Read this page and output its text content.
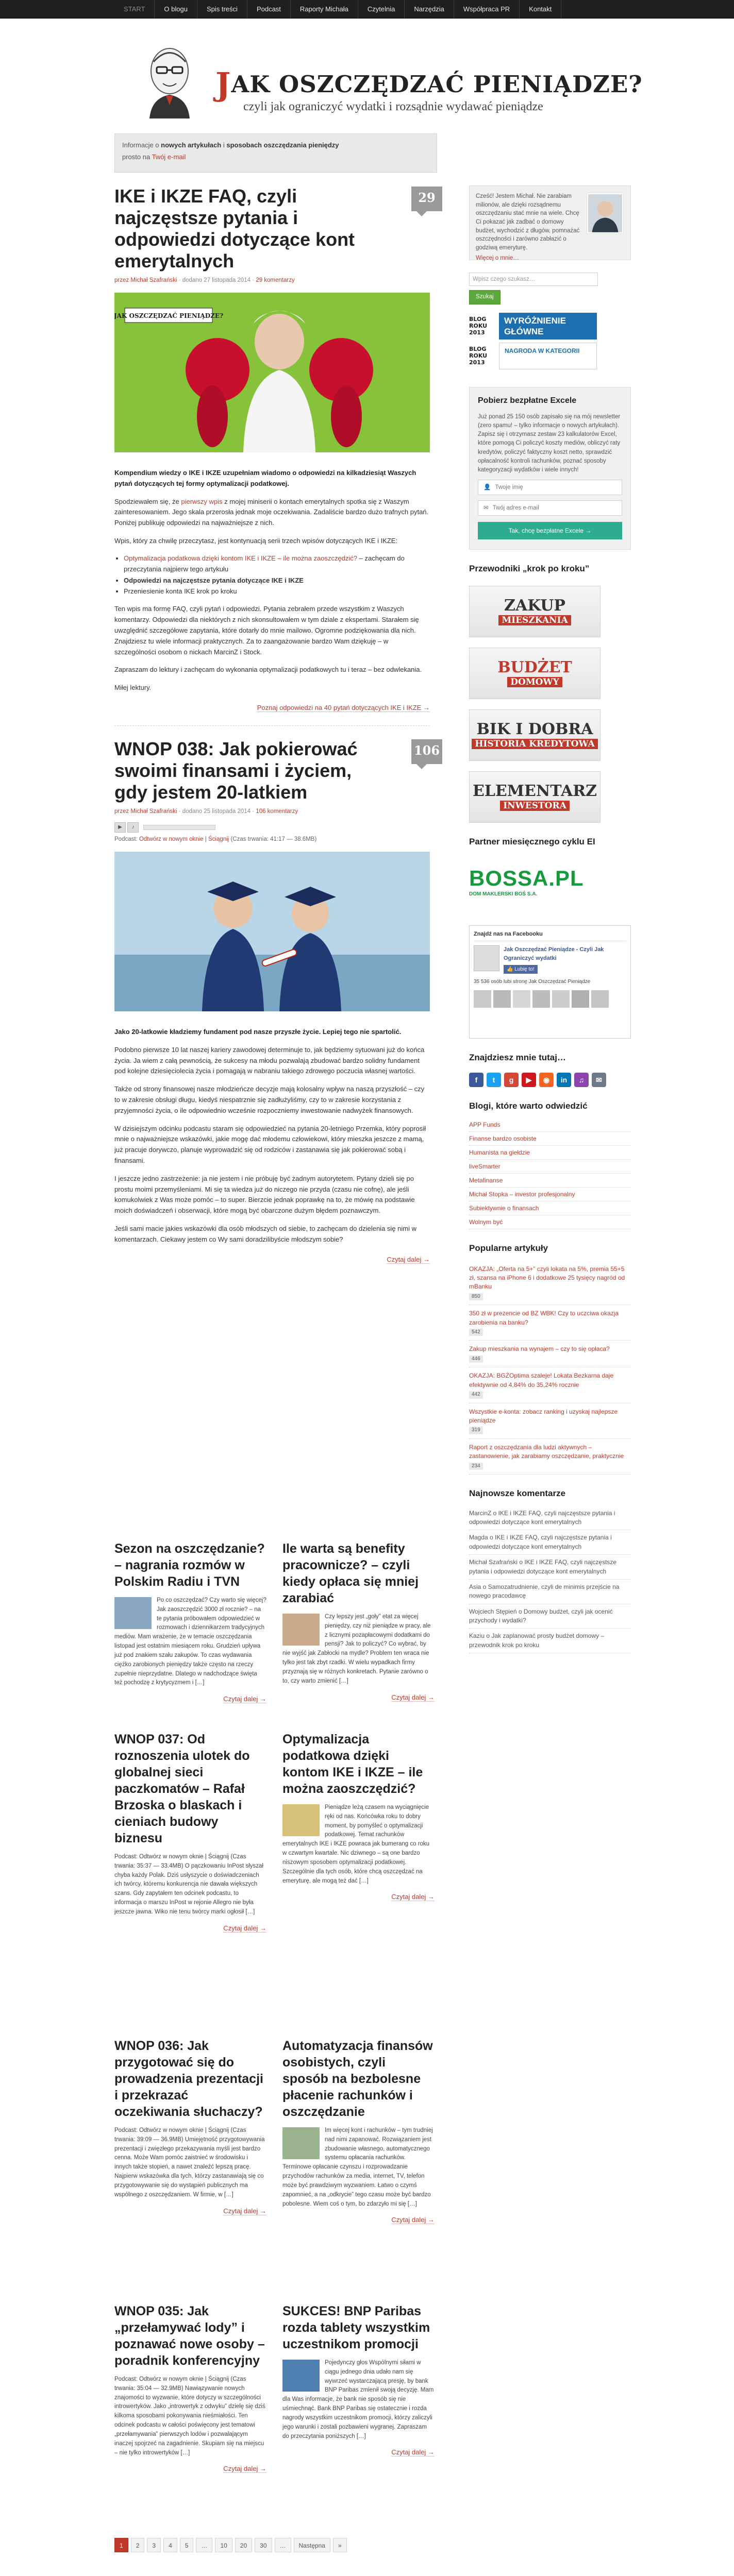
START	O blogu	Spis treści	Podcast	Raporty Michała	Czytelnia	Narzędzia	Współpraca PR	Kontakt
JAK OSZCZĘDZAĆ PIENIĄDZE?
czyli jak ograniczyć wydatki i rozsądnie wydawać pieniądze
Informacje o nowych artykułach i sposobach oszczędzania pieniędzy
prosto na Twój e-mail
29
IKE i IKZE FAQ, czyli najczęstsze pytania i odpowiedzi dotyczące kont emerytalnych
przez Michał Szafrański · dodano 27 listopada 2014 · 29 komentarzy
JAK OSZCZĘDZAĆ PIENIĄDZE?

Kompendium wiedzy o IKE i IKZE uzupełniam wiadomo o odpowiedzi na kilkadziesiąt Waszych pytań dotyczących tej formy optymalizacji podatkowej.

Spodziewałem się, że pierwszy wpis z mojej miniserii o kontach emerytalnych spotka się z Waszym zainteresowaniem. Jego skala przerosła jednak moje oczekiwania. Zadaliście bardzo dużo trafnych pytań. Poniżej publikuję odpowiedzi na najważniejsze z nich.

Wpis, który za chwilę przeczytasz, jest kontynuacją serii trzech wpisów dotyczących IKE i IKZE:

• Optymalizacja podatkowa dzięki kontom IKE i IKZE – ile można zaoszczędzić? – zachęcam do przeczytania najpierw tego artykułu
• Odpowiedzi na najczęstsze pytania dotyczące IKE i IKZE
• Przeniesienie konta IKE krok po kroku

Ten wpis ma formę FAQ, czyli pytań i odpowiedzi. Pytania zebrałem przede wszystkim z Waszych komentarzy. Odpowiedzi dla niektórych z nich skonsultowałem w tym dziale z ekspertami. Starałem się uwzględnić szczegółowe zapytania, które dotarły do mnie mailowo. Ogromne podziękowania dla nich. Znajdziesz tu wiele informacji praktycznych. Za to zaangażowanie bardzo Wam dziękuję – w szczególności osobom o nickach MarcinZ i Stock.

Zapraszam do lektury i zachęcam do wykonania optymalizacji podatkowych tu i teraz – bez odwlekania.

Miłej lektury.

Poznaj odpowiedzi na 40 pytań dotyczących IKE i IKZE →
106
WNOP 038: Jak pokierować swoimi finansami i życiem, gdy jestem 20-latkiem
przez Michał Szafrański · dodano 25 listopada 2014 · 106 komentarzy
▶	♪
Podcast: Odtwórz w nowym oknie | Ściągnij (Czas trwania: 41:17 — 38.6MB)

Jako 20-latkowie kładziemy fundament pod nasze przyszłe życie. Lepiej tego nie spartolić.

Podobno pierwsze 10 lat naszej kariery zawodowej determinuje to, jak będziemy sytuowani już do końca życia. Ja wiem z całą pewnością, że sukcesy na młodu pozwalają zbudować bardzo solidny fundament pod kolejne dziesięciolecia życia i pomagają w nabraniu takiego zdrowego poczucia własnej wartości.

Także od strony finansowej nasze młodzieńcze decyzje mają kolosalny wpływ na naszą przyszłość – czy to w zakresie obsługi długu, kiedyś niespatrznie się zadłużyliśmy, czy to w zakresie korzystania z przyjemności życia, o ile odpowiednio wcześnie rozpoczniemy inwestowanie nadwyżek finansowych.

W dzisiejszym odcinku podcastu staram się odpowiedzieć na pytania 20-letniego Przemka, który poprosił mnie o najważniejsze wskazówki, jakie mogę dać młodemu człowiekowi, który mieszka jeszcze z mamą, już pracuje dorywczo, planuje wyprowadzić się od rodziców i zastanawia się jak pokierować sobą i finansami.

I jeszcze jedno zastrzeżenie: ja nie jestem i nie próbuję być żadnym autorytetem. Pytany dzieli się po prostu moimi przemyśleniami. Mi się ta wiedza już do niczego nie przyda (czasu nie cofnę), ale jeśli komukolwiek z Was może pomóc – to super. Bierzcie jednak poprawkę na to, że mówię na podstawie moich doświadczeń i obserwacji, które mogą być obarczone dużym błędem poznawczym.

Jeśli sami macie jakies wskazówki dla osób młodszych od siebie, to zachęcam do dzielenia się nimi w komentarzach. Ciekawy jestem co Wy sami doradzilibyście młodszym sobie?

Czytaj dalej →
Sezon na oszczędzanie? – nagrania rozmów w Polskim Radiu i TVN
Po co oszczędzać? Czy warto się więcej? Jak zaoszczędzić 3000 zł rocznie? – na te pytania próbowałem odpowiedzieć w rozmowach i dziennikarzem tradycyjnych mediów. Mam wrażenie, że w temacie oszczędzania listopad jest ostatnim miesiącem roku. Grudzień upływa już pod znakiem szału zakupów. To czas wydawania ciężko zarobionych pieniędzy także często na rzeczy zupełnie nieprzydatne. Dlatego w nadchodzące święta też pochodzę z krytycyzmem i […]
Czytaj dalej →
Ile warta są benefity pracownicze? – czyli kiedy opłaca się mniej zarabiać
Czy lepszy jest „goły” etat za więcej pieniędzy, czy niż pieniądze w pracy, ale z licznymi pozapłacowymi dodatkami do pensji? Jak to policzyć? Co wybrać, by nie wyjść jak Zabłocki na mydle? Problem ten wraca nie tylko jest tak zbyt rzadki. W wielu wypadkach firmy przyznają się w różnych konkretach. Pytanie zarówno o to, czy warto zmienić […]
Czytaj dalej →
WNOP 037: Od roznoszenia ulotek do globalnej sieci paczkomatów – Rafał Brzoska o blaskach i cieniach budowy biznesu
Podcast: Odtwórz w nowym oknie | Ściągnij (Czas trwania: 35:37 — 33.4MB) O pączkowaniu InPost słyszał chyba każdy Polak. Dziś usłyszycie o doświadczeniach ich twórcy, któremu konkurencja nie dawała większych szans. Gdy zapytałem ten odcinek podcastu, to informacja o marszu InPost w rejonie Allegro nie była jeszcze jawna. Wiko nie tenu twórcy marki ogłosił […]
Czytaj dalej →
Optymalizacja podatkowa dzięki kontom IKE i IKZE – ile można zaoszczędzić?
Pieniądze leżą czasem na wyciągnięcie ręki od nas. Końcówka roku to dobry moment, by pomyśleć o optymalizacji podatkowej. Temat rachunków emerytalnych IKE i IKZE powraca jak bumerang co roku w czwartym kwartale. Nic dziwnego – są one bardzo niszowym sposobem optymalizacji podatkowej. Szczególnie dla tych osób, które chcą oszczędzać na emeryturę, ale mogą też dać […]
Czytaj dalej →
WNOP 036: Jak przygotować się do prowadzenia prezentacji i przekrazać oczekiwania słuchaczy?
Podcast: Odtwórz w nowym oknie | Ściągnij (Czas trwania: 39:09 — 36.9MB) Umiejętność przygotowywania prezentacji i zwięzłego przekazywania myśli jest bardzo cenna. Może Wam pomóc zaistnieć w środowisku i innych także stopień, a nawet znaleźć lepszą pracę. Najpierw wskazówka dla tych, którzy zastanawiają się co przygotowywanie się do wystąpień publicznych ma wspólnego z oszczędzaniem. W firmie, w […]
Czytaj dalej →
Automatyzacja finansów osobistych, czyli sposób na bezbolesne płacenie rachunków i oszczędzanie
Im więcej kont i rachunków – tym trudniej nad nimi zapanować. Rozwiązaniem jest zbudowanie własnego, automatycznego systemu opłacania rachunków. Terminowe opłacanie czynszu i rozprowadzanie przychodów rachunków za media, internet, TV, telefon może być prawdziwym wyzwaniem. Łatwo o czymś zapomnieć, a na „odkrycie” tego czasu może być bardzo pobolesne. Wiem coś o tym, bo zdarzyło mi się […]
Czytaj dalej →
WNOP 035: Jak „przełamywać lody” i poznawać nowe osoby – poradnik konferencyjny
Podcast: Odtwórz w nowym oknie | Ściągnij (Czas trwania: 35:04 — 32.9MB) Nawiązywanie nowych znajomości to wyzwanie, które dotyczy w szczególności introwertyków. Jako „introwertyk z odwyku” dzielę się dziś kilkoma sposobami pokonywania nieśmiałości. Ten odcinek podcastu w całości poświęcony jest tematowi „przełamywania” pierwszych lodów i pozwalającym inaczej spojrzeć na zagadnienie. Skupiam się na miejscu – nie tylko introwertyków […]
Czytaj dalej →
SUKCES! BNP Paribas rozda tablety wszystkim uczestnikom promocji
Pojedynczy głos Wspólnymi siłami w ciągu jednego dnia udało nam się wywrzeć wystarczającą presję, by bank BNP Paribas zmienił swoją decyzję. Mam dla Was informacje, że bank nie sposób się nie uśmiechnąć. Bank BNP Paribas się ostatecznie i rozda nagrody wszystkim uczestnikom promocji, którzy zaliczyli jego warunki i zostali pozbawieni wygranej. Zapraszam do przeczytania poniższych […]
Czytaj dalej →
1	2	3	4	5	…	10	20	30	…	Następna	»

Cześć! Jestem Michał. Nie zarabiam milionów, ale dzięki rozsądnemu oszczędzaniu stać mnie na wiele. Chcę Ci pokazać jak zadbać o domowy budżet, wychodzić z długów, pomnażać oszczędności i zarówno zabłazić o godziwą emeryturę.

Więcej o mnie…
Wpisz czego szukasz…
Szukaj
BLOG ROKU 2013
WYRÓŻNIENIE GŁÓWNE
BLOG ROKU 2013
NAGRODA W KATEGORII
Pobierz bezpłatne Excele

Już ponad 25 150 osób zapisało się na mój newsletter (zero spamu! – tylko informacje o nowych artykułach). Zapisz się i otrzymasz zestaw 23 kalkulatorów Excel, które pomogą Ci policzyć koszty mediów, obliczyć raty kredytów, policzyć faktyczny koszt netto, sprawdzić opłacalność kontroli rachunków, poznać sposoby kategoryzacji wydatków i wiele innych!

👤 Twoje imię
✉ Twój adres e-mail
Tak, chcę bezpłatne Excele →
Przewodniki „krok po kroku”
ZAKUP
MIESZKANIA
BUDŻET
DOMOWY
BIK I DOBRA
HISTORIA KREDYTOWA
ELEMENTARZ
INWESTORA
Partner miesięcznego cyklu EI
BOSSA.PL
DOM MAKLERSKI BOŚ S.A.
Znajdź nas na Facebooku
Jak Oszczędzać Pieniądze - Czyli Jak Ograniczyć wydatki
👍 Lubię to!
35 536 osób lubi stronę Jak Oszczędzać Pieniądze
Znajdziesz mnie tutaj…
f	t	g	▶	◉	in	♫	✉
Blogi, które warto odwiedzić
APP Funds
Finanse bardzo osobiste
Humanista na giełdzie
liveSmarter
Metafinanse
Michał Stopka – investor profesjonalny
Subiektywnie o finansach
Wolnym być
Popularne artykuły
OKAZJA: „Oferta na 5+” czyli lokata na 5%, premia 55+5 zł, szansa na iPhone 6 i dodatkowe 25 tysięcy nagród od mBanku
850
350 zł w prezencie od BZ WBK! Czy to uczciwa okazja zarobienia na banku?
542
Zakup mieszkania na wynajem – czy to się opłaca?
446
OKAZJA: BGŻOptima szaleje! Lokata Bezkarna daje efektywnie od 4,84% do 35,24% rocznie
442
Wszystkie e-konta: zobacz ranking i uzyskaj najlepsze pieniądze
319
Raport z oszczędzania dla ludzi aktywnych – zastanowienie, jak zarabiamy oszczędzanie, praktycznie
234
Najnowsze komentarze
MarcinZ o IKE i IKZE FAQ, czyli najczęstsze pytania i odpowiedzi dotyczące kont emerytalnych
Magda o IKE i IKZE FAQ, czyli najczęstsze pytania i odpowiedzi dotyczące kont emerytalnych
Michał Szafrański o IKE i IKZE FAQ, czyli najczęstsze pytania i odpowiedzi dotyczące kont emerytalnych
Asia o Samozatrudnienie, czyli de minimis przejście na nowego pracodawcę
Wojciech Stępień o Domowy budżet, czyli jak ocenić przychody i wydatki?
Kaziu o Jak zaplanować prosty budżet domowy – przewodnik krok po kroku
